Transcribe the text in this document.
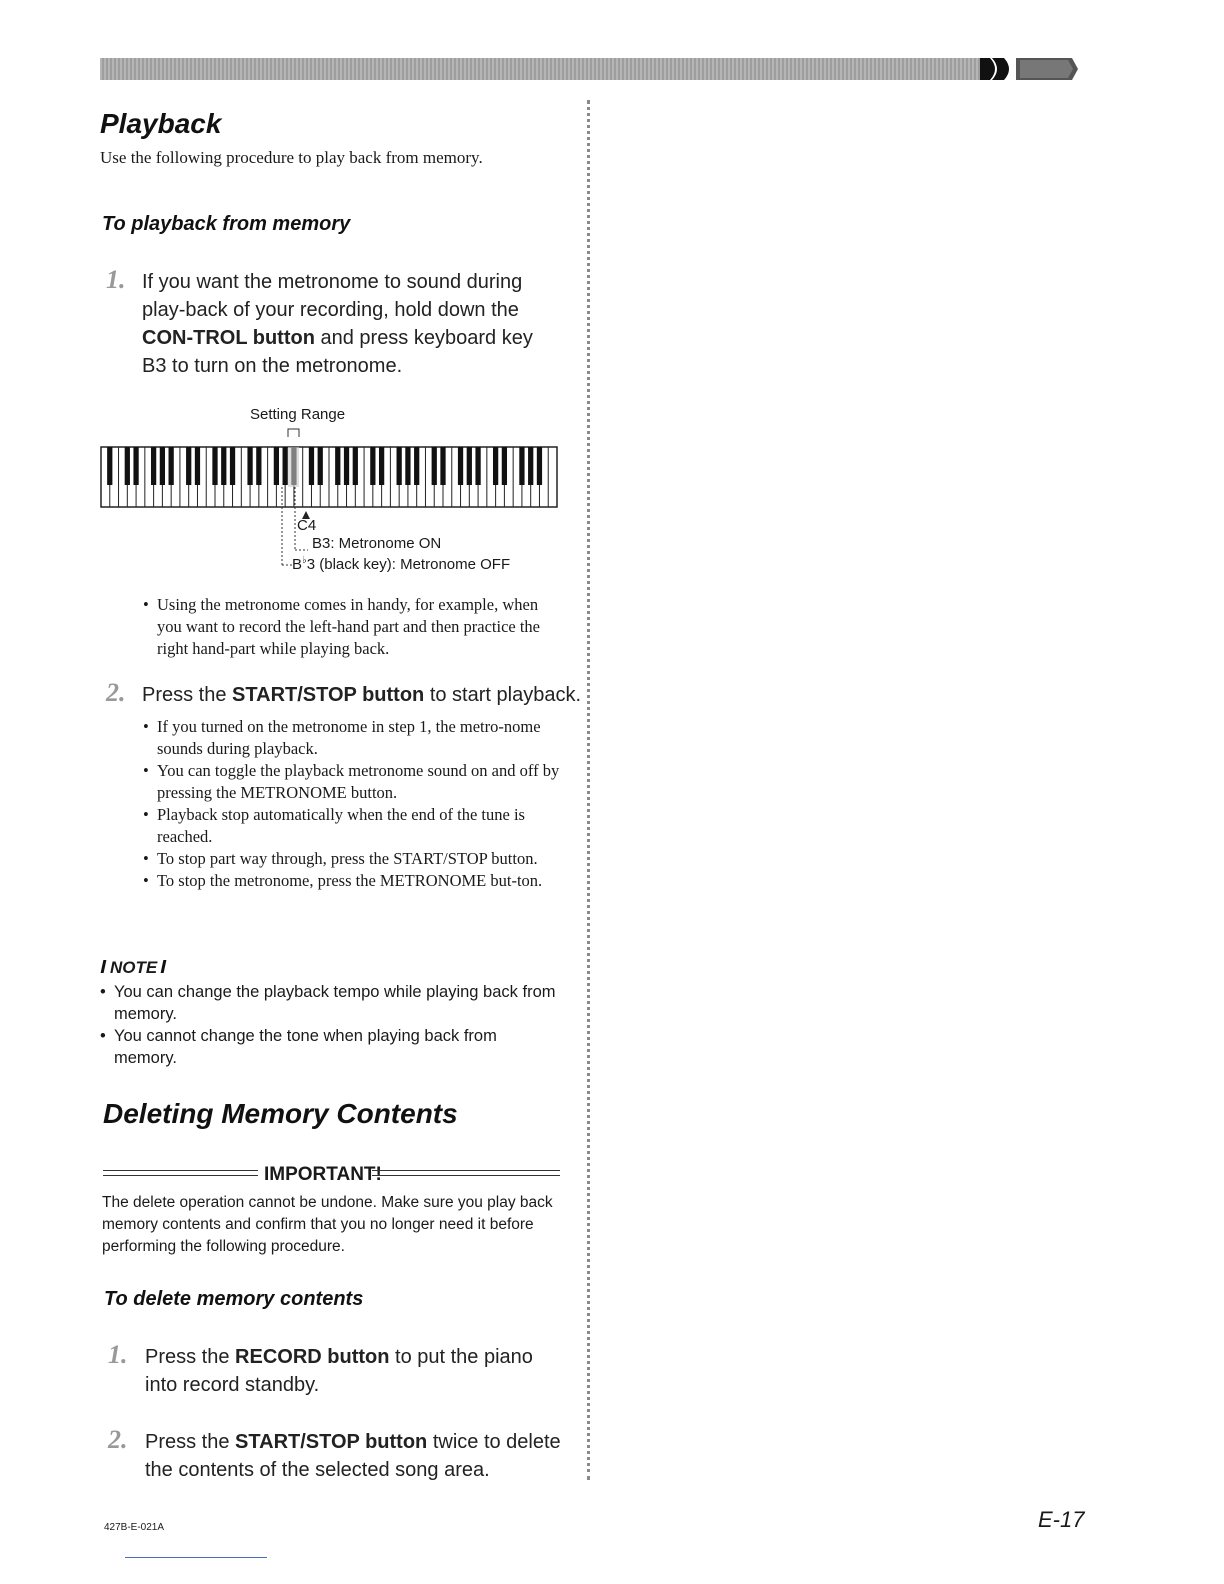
Playback
Use the following procedure to play back from memory.
To playback from memory
1. If you want the metronome to sound during play-back of your recording, hold down the CON-TROL button and press keyboard key B3 to turn on the metronome.
Setting Range
C4
B3: Metronome ON
B♭3 (black key): Metronome OFF
• Using the metronome comes in handy, for example, when you want to record the left-hand part and then practice the right hand-part while playing back.
2. Press the START/STOP button to start playback.
• If you turned on the metronome in step 1, the metro-nome sounds during playback.
• You can toggle the playback metronome sound on and off by pressing the METRONOME button.
• Playback stop automatically when the end of the tune is reached.
• To stop part way through, press the START/STOP button.
• To stop the metronome, press the METRONOME but-ton.
NOTE
• You can change the playback tempo while playing back from memory.
• You cannot change the tone when playing back from memory.
Deleting Memory Contents
IMPORTANT!
The delete operation cannot be undone. Make sure you play back memory contents and confirm that you no longer need it before performing the following procedure.
To delete memory contents
1. Press the RECORD button to put the piano into record standby.
2. Press the START/STOP button twice to delete the contents of the selected song area.
427B-E-021A	E-17
